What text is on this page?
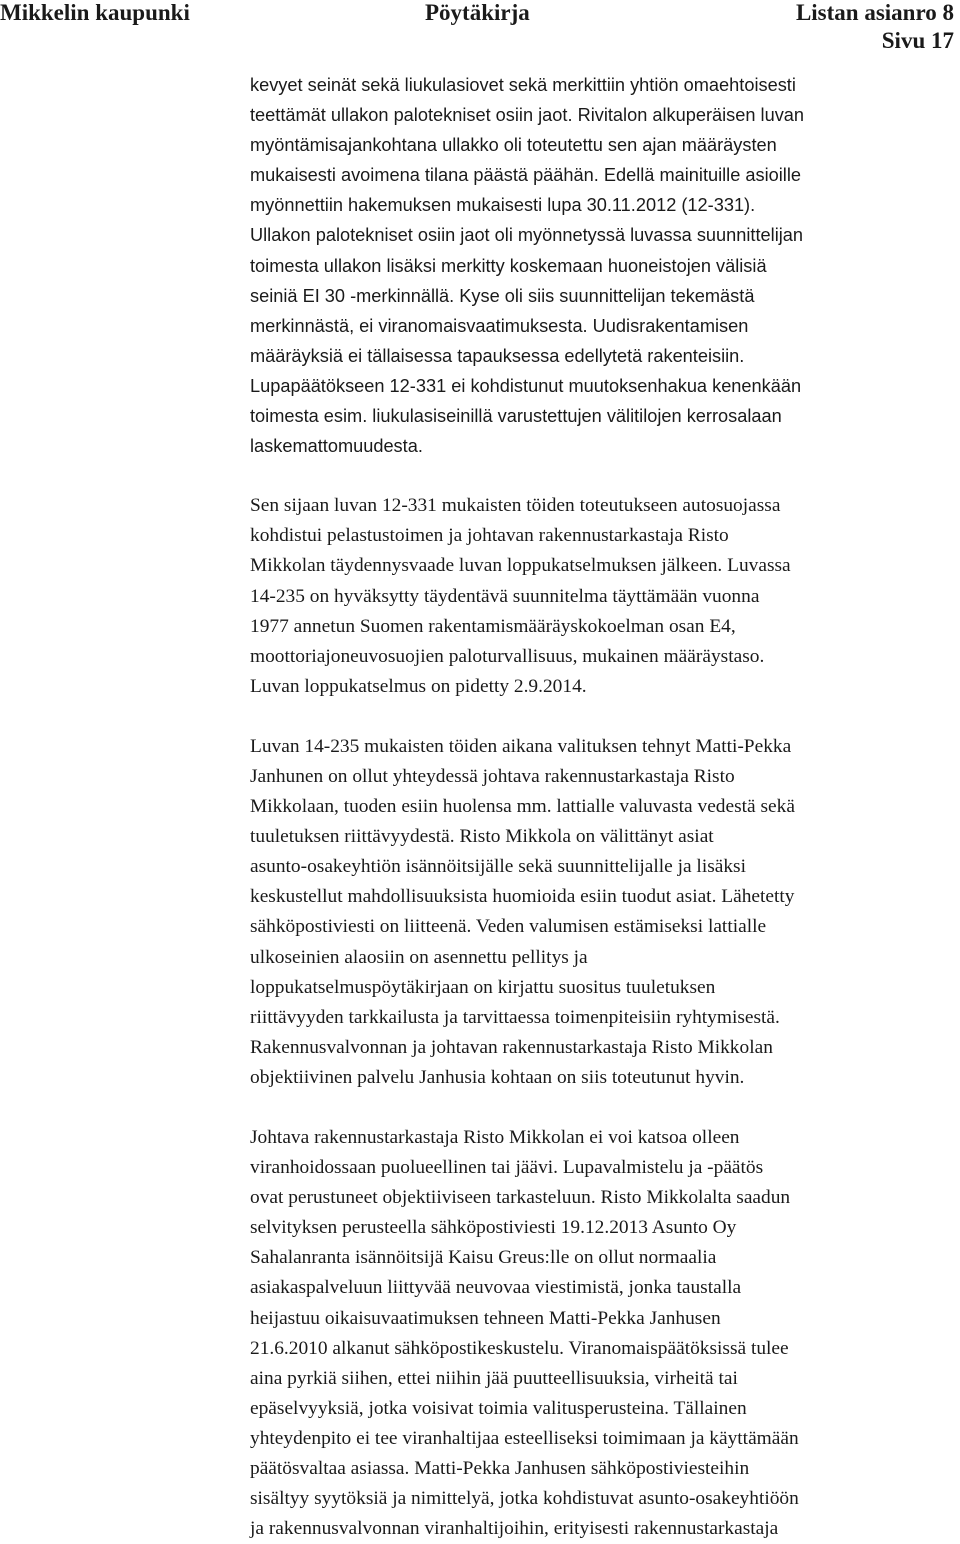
Mikkelin kaupunki	Pöytäkirja	Listan asianro 8
Sivu 17

kevyet seinät sekä liukulasiovet sekä merkittiin yhtiön omaehtoisesti
teettämät ullakon palotekniset osiin jaot. Rivitalon alkuperäisen luvan
myöntämisajankohtana ullakko oli toteutettu sen ajan määräysten
mukaisesti avoimena tilana päästä päähän. Edellä mainituille asioille
myönnettiin hakemuksen mukaisesti lupa 30.11.2012 (12-331).
Ullakon palotekniset osiin jaot oli myönnetyssä luvassa suunnittelijan
toimesta ullakon lisäksi merkitty koskemaan huoneistojen välisiä
seiniä EI 30 -merkinnällä. Kyse oli siis suunnittelijan tekemästä
merkinnästä, ei viranomaisvaatimuksesta. Uudisrakentamisen
määräyksiä ei tällaisessa tapauksessa edellytetä rakenteisiin.
Lupapäätökseen 12-331 ei kohdistunut muutoksenhakua kenenkään
toimesta esim. liukulasiseinillä varustettujen välitilojen kerrosalaan
laskemattomuudesta.

Sen sijaan luvan 12-331 mukaisten töiden toteutukseen autosuojassa
kohdistui pelastustoimen ja johtavan rakennustarkastaja Risto
Mikkolan täydennysvaade luvan loppukatselmuksen jälkeen. Luvassa
14-235 on hyväksytty täydentävä suunnitelma täyttämään vuonna
1977 annetun Suomen rakentamismääräyskokoelman osan E4,
moottoriajoneuvosuojien paloturvallisuus, mukainen määräystaso.
Luvan loppukatselmus on pidetty 2.9.2014.

Luvan 14-235 mukaisten töiden aikana valituksen tehnyt Matti-Pekka
Janhunen on ollut yhteydessä johtava rakennustarkastaja Risto
Mikkolaan, tuoden esiin huolensa mm. lattialle valuvasta vedestä sekä
tuuletuksen riittävyydestä. Risto Mikkola on välittänyt asiat
asunto-osakeyhtiön isännöitsijälle sekä suunnittelijalle ja lisäksi
keskustellut mahdollisuuksista huomioida esiin tuodut asiat. Lähetetty
sähköpostiviesti on liitteenä. Veden valumisen estämiseksi lattialle
ulkoseinien alaosiin on asennettu pellitys ja
loppukatselmuspöytäkirjaan on kirjattu suositus tuuletuksen
riittävyyden tarkkailusta ja tarvittaessa toimenpiteisiin ryhtymisestä.
Rakennusvalvonnan ja johtavan rakennustarkastaja Risto Mikkolan
objektiivinen palvelu Janhusia kohtaan on siis toteutunut hyvin.

Johtava rakennustarkastaja Risto Mikkolan ei voi katsoa olleen
viranhoidossaan puolueellinen tai jäävi. Lupavalmistelu ja -päätös
ovat perustuneet objektiiviseen tarkasteluun. Risto Mikkolalta saadun
selvityksen perusteella sähköpostiviesti 19.12.2013 Asunto Oy
Sahalanranta isännöitsijä Kaisu Greus:lle on ollut normaalia
asiakaspalveluun liittyvää neuvovaa viestimistä, jonka taustalla
heijastuu oikaisuvaatimuksen tehneen Matti-Pekka Janhusen
21.6.2010 alkanut sähköpostikeskustelu. Viranomaispäätöksissä tulee
aina pyrkiä siihen, ettei niihin jää puutteellisuuksia, virheitä tai
epäselvyyksiä, jotka voisivat toimia valitusperusteina. Tällainen
yhteydenpito ei tee viranhaltijaa esteelliseksi toimimaan ja käyttämään
päätösvaltaa asiassa. Matti-Pekka Janhusen sähköpostiviesteihin
sisältyy syytöksiä ja nimittelyä, jotka kohdistuvat asunto-osakeyhtiöön
ja rakennusvalvonnan viranhaltijoihin, erityisesti rakennustarkastaja
